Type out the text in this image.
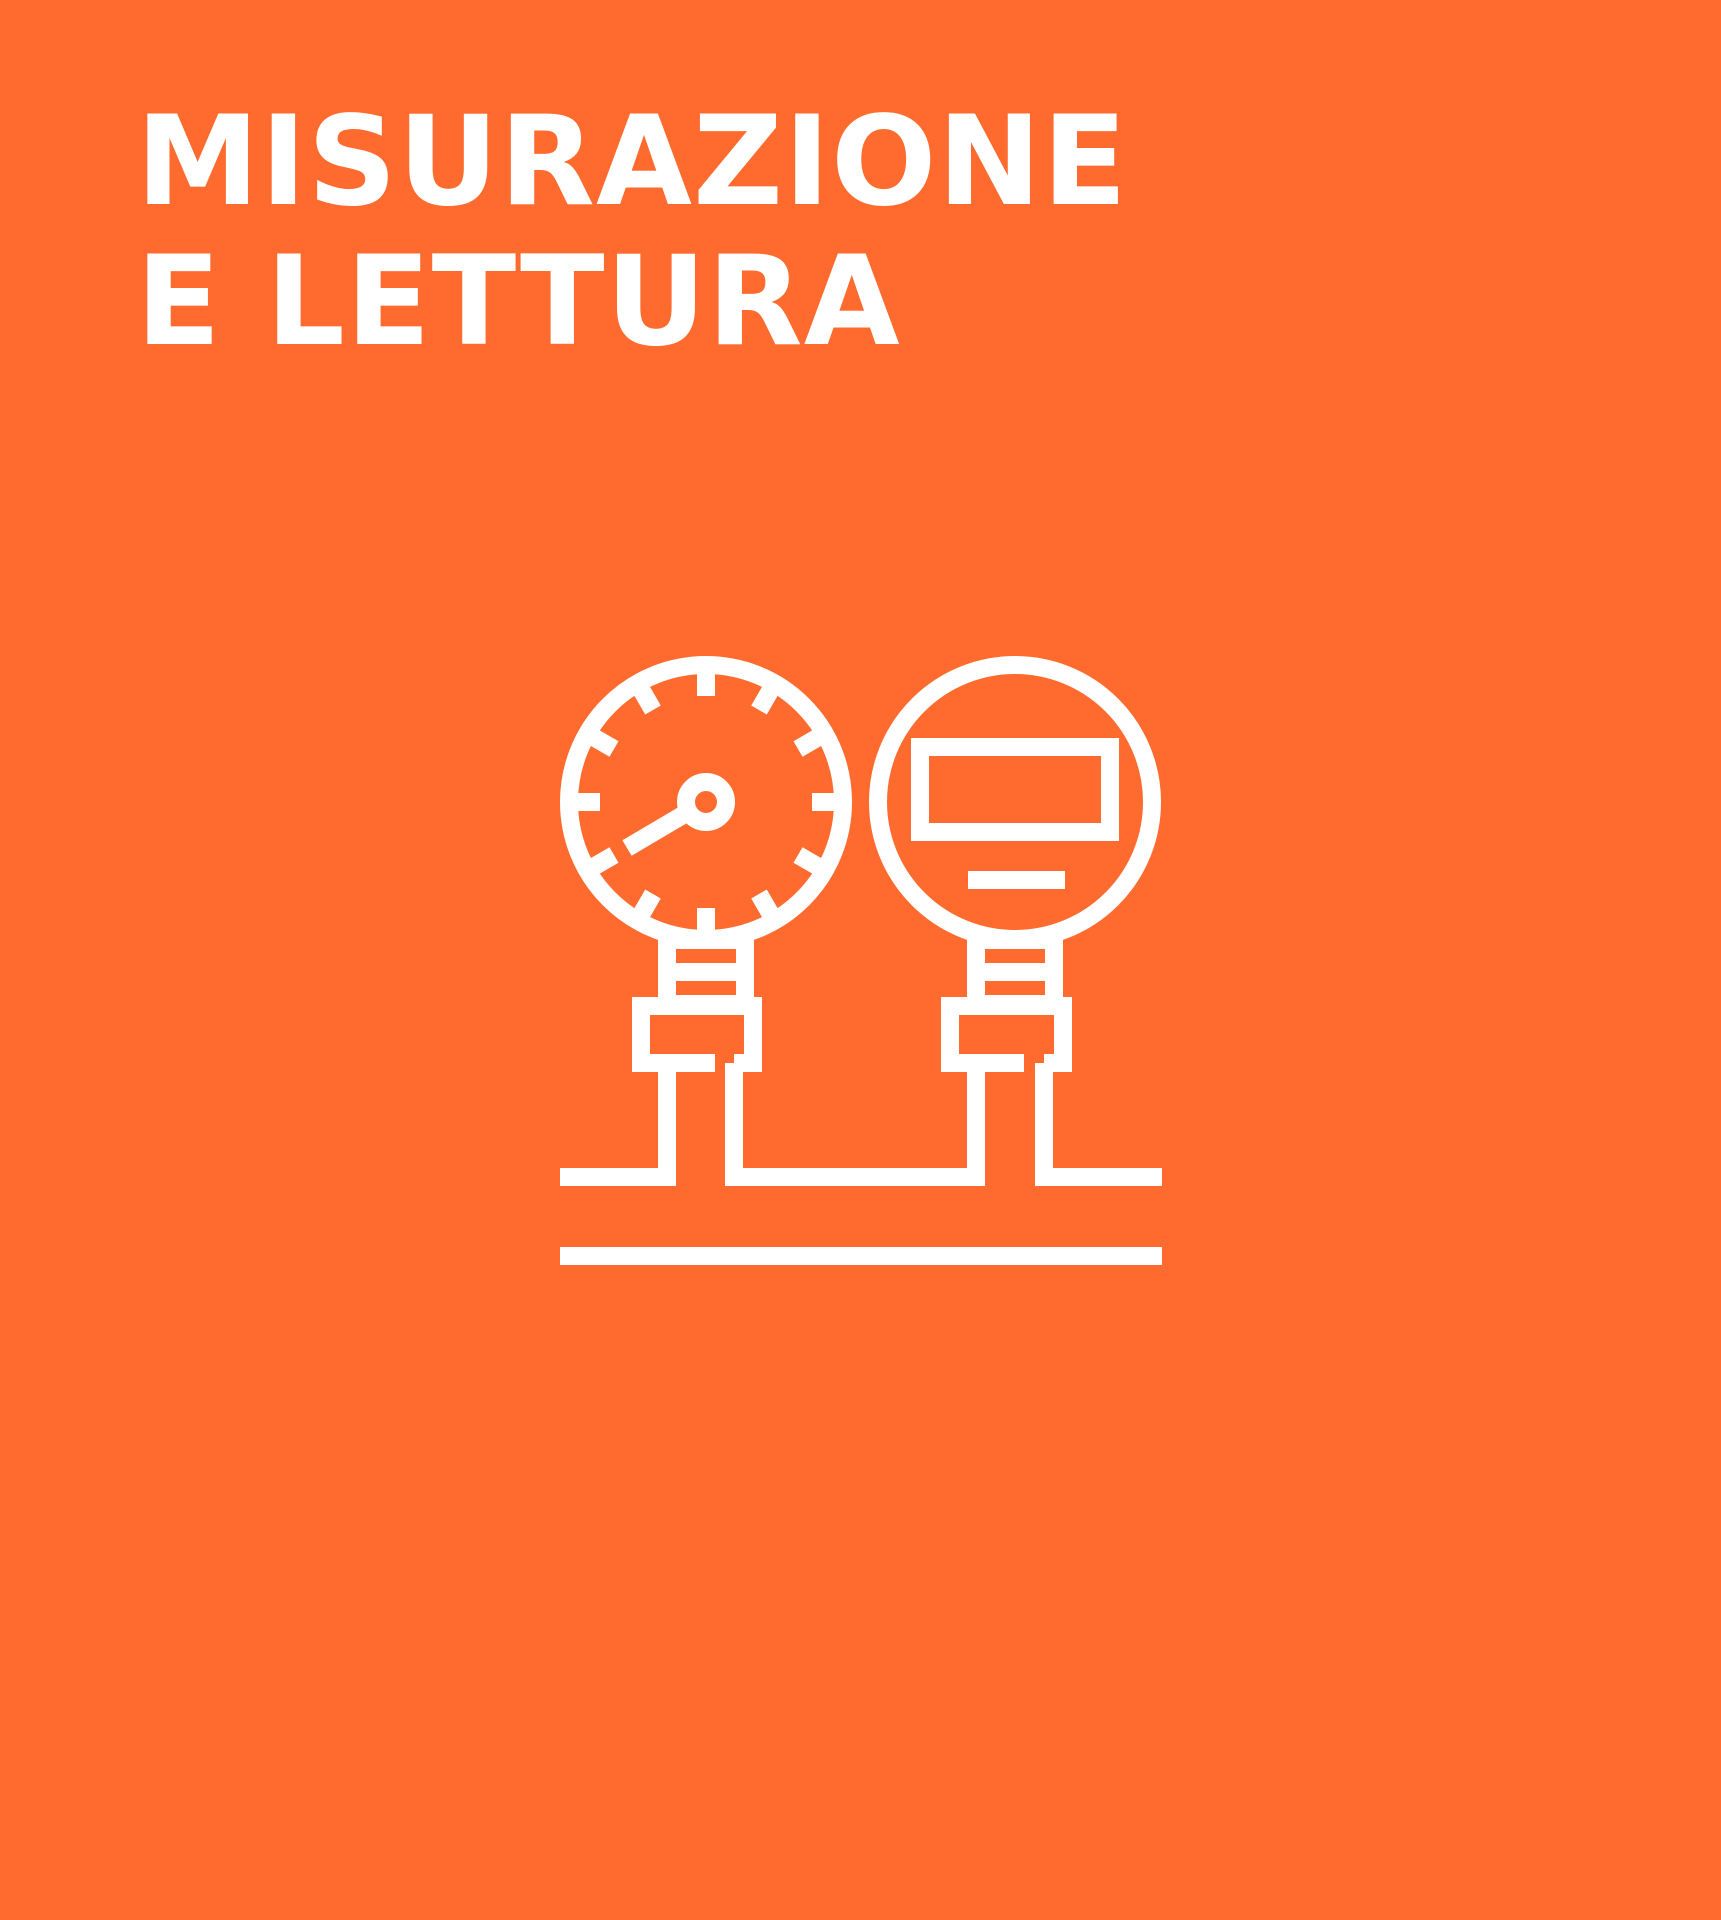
MISURAZIONE
E LETTURA
